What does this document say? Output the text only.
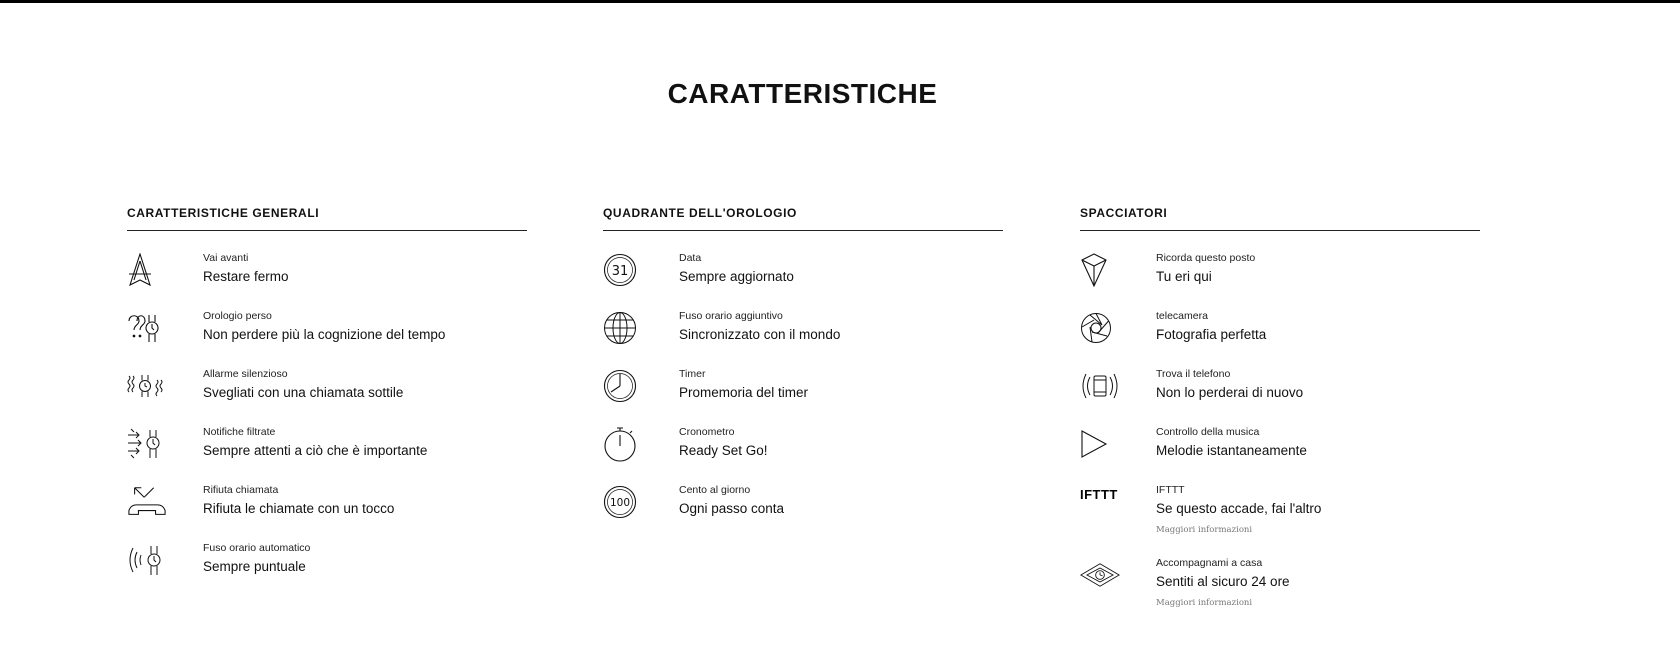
CARATTERISTICHE
CARATTERISTICHE GENERALI
Vai avanti
Restare fermo
Orologio perso
Non perdere più la cognizione del tempo
Allarme silenzioso
Svegliati con una chiamata sottile
Notifiche filtrate
Sempre attenti a ciò che è importante
Rifiuta chiamata
Rifiuta le chiamate con un tocco
Fuso orario automatico
Sempre puntuale
QUADRANTE DELL'OROLOGIO
31
Data
Sempre aggiornato
Fuso orario aggiuntivo
Sincronizzato con il mondo
Timer
Promemoria del timer
Cronometro
Ready Set Go!
100
Cento al giorno
Ogni passo conta
SPACCIATORI
Ricorda questo posto
Tu eri qui
telecamera
Fotografia perfetta
Trova il telefono
Non lo perderai di nuovo
Controllo della musica
Melodie istantaneamente
IFTTT	IFTTT
Se questo accade, fai l'altro
Maggiori informazioni
Accompagnami a casa
Sentiti al sicuro 24 ore
Maggiori informazioni
